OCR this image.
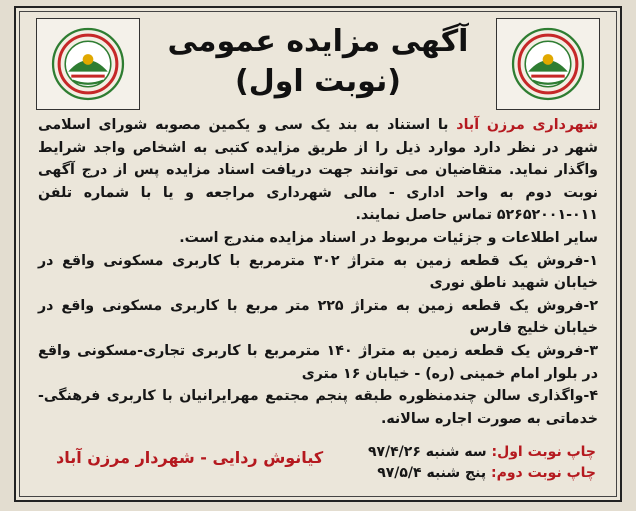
آگهی مزایده عمومی
(نوبت اول)

شهرداری مرزن آباد با استناد به بند یک سی و یکمین مصوبه شورای اسلامی شهر در نظر دارد موارد ذیل را از طریق مزایده کتبی به اشخاص واجد شرایط واگذار نماید. متقاضیان می توانند جهت دریافت اسناد مزایده پس از درج آگهی نوبت دوم به واحد اداری - مالی شهرداری مراجعه و یا با شماره تلفن ۰۱۱-۵۲۶۵۲۰۰۱ تماس حاصل نمایند.

سایر اطلاعات و جزئیات مربوط در اسناد مزایده مندرج است.

۱-فروش یک قطعه زمین به متراژ ۳۰۲ مترمربع با کاربری مسکونی واقع در خیابان شهید ناطق نوری

۲-فروش یک قطعه زمین به متراژ ۲۲۵ متر مربع با کاربری مسکونی واقع در خیابان خلیج فارس

۳-فروش یک قطعه زمین به متراژ ۱۴۰ مترمربع با کاربری تجاری-مسکونی واقع در بلوار امام خمینی (ره) - خیابان ۱۶ متری

۴-واگذاری سالن چندمنظوره طبقه پنجم مجتمع مهرایرانیان با کاربری فرهنگی-خدماتی به صورت اجاره سالانه.

چاپ نوبت اول: سه شنبه ۹۷/۴/۲۶
چاپ نوبت دوم: پنج شنبه ۹۷/۵/۴
کیانوش ردایی - شهردار مرزن آباد
